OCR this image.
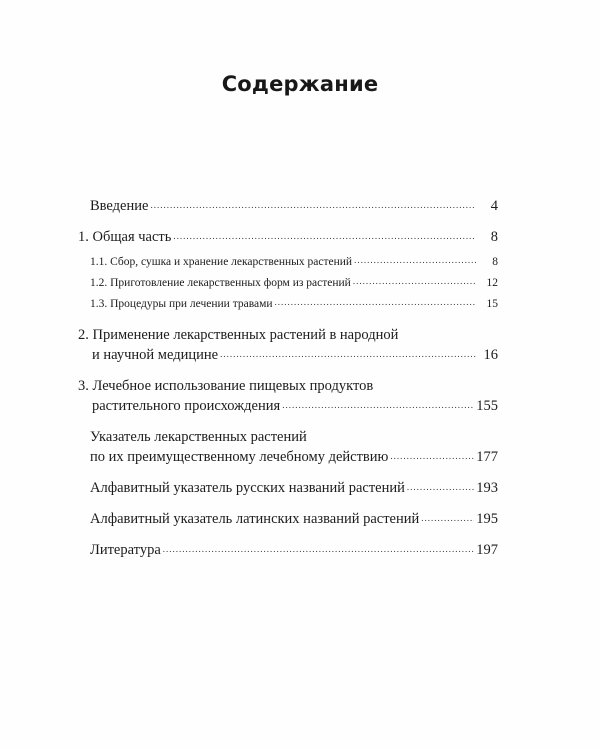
Содержание
Введение .....	4
1.
Общая часть .....	8
1.1. Сбор, сушка и хранение лекарственных растений .....	8
1.2. Приготовление лекарственных форм из растений .....	12
1.3. Процедуры при лечении травами .....	15
2.
Применение лекарственных растений в народной
и научной медицине .....	16
3.
Лечебное использование пищевых продуктов
растительного происхождения .....	155
Указатель лекарственных растений
по их преимущественному лечебному действию .....	177
Алфавитный указатель русских названий растений .....	193
Алфавитный указатель латинских названий растений .....	195
Литература .....	197
